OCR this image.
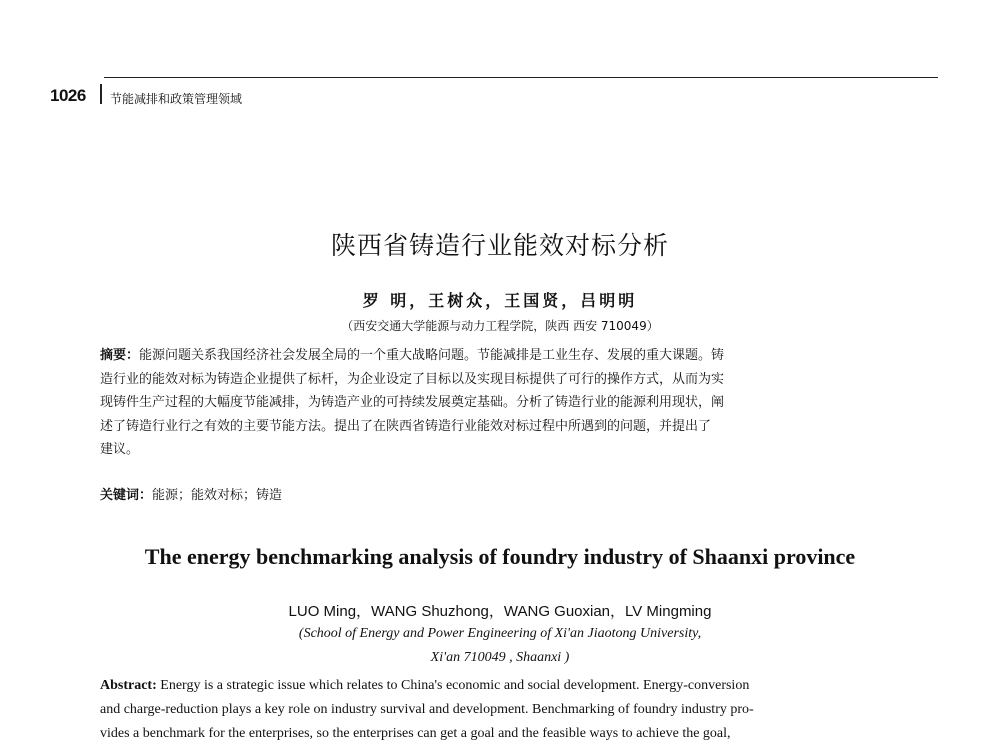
1026	节能减排和政策管理领域
陕西省铸造行业能效对标分析
罗 明，王树众，王国贤，吕明明
（西安交通大学能源与动力工程学院，陕西 西安 710049）
摘要：能源问题关系我国经济社会发展全局的一个重大战略问题。节能减排是工业生存、发展的重大课题。铸
造行业的能效对标为铸造企业提供了标杆，为企业设定了目标以及实现目标提供了可行的操作方式，从而为实
现铸件生产过程的大幅度节能减排，为铸造产业的可持续发展奠定基础。分析了铸造行业的能源利用现状，阐
述了铸造行业行之有效的主要节能方法。提出了在陕西省铸造行业能效对标过程中所遇到的问题，并提出了
建议。
关键词：能源；能效对标；铸造
The energy benchmarking analysis of foundry industry of Shaanxi province
LUO Ming，WANG Shuzhong，WANG Guoxian，LV Mingming
(School of Energy and Power Engineering of Xi'an Jiaotong University,
Xi'an 710049 , Shaanxi )
Abstract: Energy is a strategic issue which relates to China's economic and social development. Energy-conversion
and charge-reduction plays a key role on industry survival and development. Benchmarking of foundry industry pro-
vides a benchmark for the enterprises, so the enterprises can get a goal and the feasible ways to achieve the goal,
